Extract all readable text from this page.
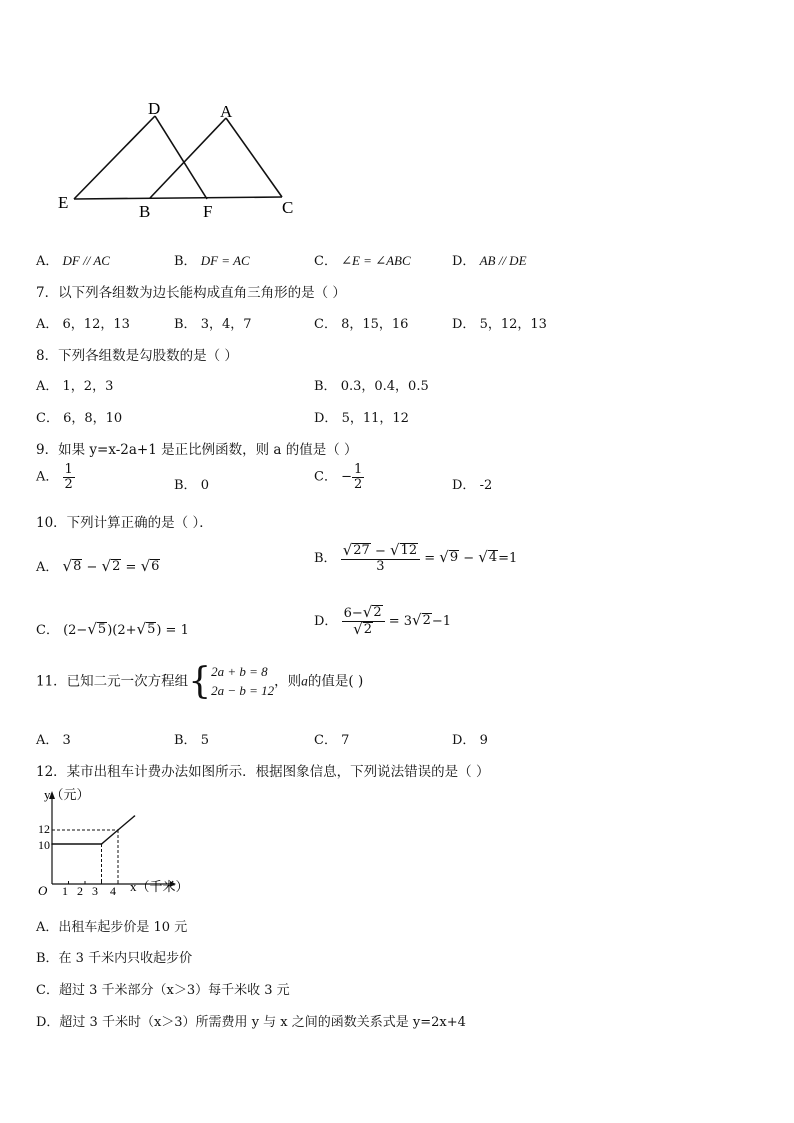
D	A
E	B	F	C
A． DF // AC	B． DF = AC	C． ∠E = ∠ABC	D． AB // DE
7．以下列各组数为边长能构成直角三角形的是（ ）
A． 6，12，13	B． 3，4，7	C． 8，15，16	D． 5，12，13
8．下列各组数是勾股数的是（ ）
A． 1，2，3	B． 0.3，0.4，0.5
C． 6，8，10	D． 5，11，12
9．如果 y=x-2a+1 是正比例函数，则 a 的值是（ ）
A． $\frac{1}{2}$	B． 0
C． − $\frac{1}{2}$	D． -2
10．下列计算正确的是（ ）．
A． √ 8 − √ 2 = √ 6
B． $\frac{√ 27 - √ 12}{3}$ = √ 9 − √ 4 =1
C． (2− √ 5 )(2+ √ 5 ) = 1
D． $\frac{6- √ 2}{√ 2} = 3$ √ 2 −1
11．已知二元一次方程组{ 2a + b = 8
2a − b = 12
，则a的值是( )
A． 3	B． 5	C． 7	D． 9
12．某市出租车计费办法如图所示．根据图象信息，下列说法错误的是（ ）
y（元）
x（千米）
O
10
12
1 2 3 4
A．出租车起步价是 10 元
B．在 3 千米内只收起步价
C．超过 3 千米部分（x＞3）每千米收 3 元
D．超过 3 千米时（x＞3）所需费用 y 与 x 之间的函数关系式是 y=2x+4
